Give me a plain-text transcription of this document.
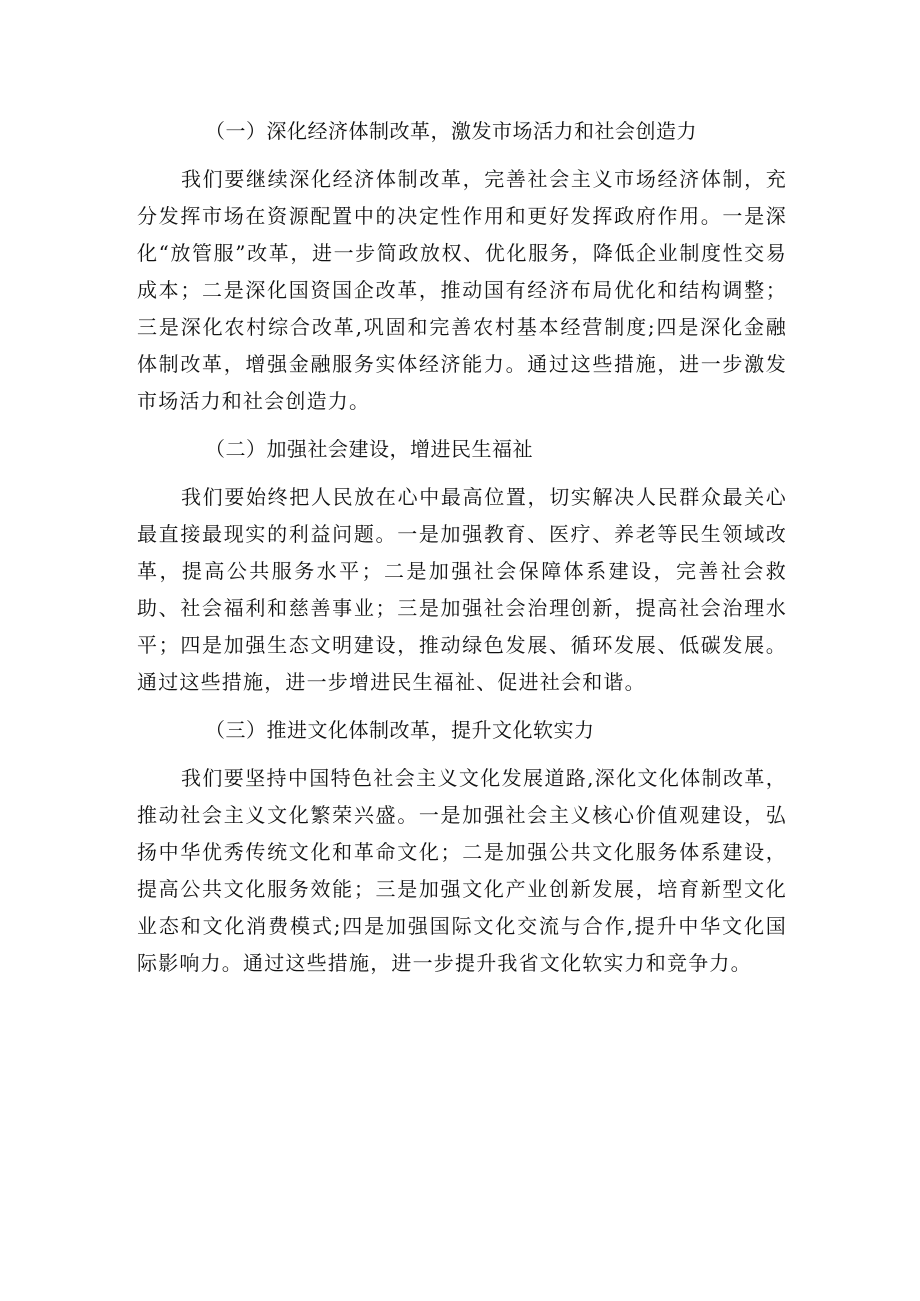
（一）深化经济体制改革，激发市场活力和社会创造力

我们要继续深化经济体制改革，完善社会主义市场经济体制，充分发挥市场在资源配置中的决定性作用和更好发挥政府作用。一是深化“放管服”改革，进一步简政放权、优化服务，降低企业制度性交易成本；二是深化国资国企改革，推动国有经济布局优化和结构调整；三是深化农村综合改革,巩固和完善农村基本经营制度;四是深化金融体制改革，增强金融服务实体经济能力。通过这些措施，进一步激发市场活力和社会创造力。

（二）加强社会建设，增进民生福祉

我们要始终把人民放在心中最高位置，切实解决人民群众最关心最直接最现实的利益问题。一是加强教育、医疗、养老等民生领域改革，提高公共服务水平；二是加强社会保障体系建设，完善社会救助、社会福利和慈善事业；三是加强社会治理创新，提高社会治理水平；四是加强生态文明建设，推动绿色发展、循环发展、低碳发展。通过这些措施，进一步增进民生福祉、促进社会和谐。

（三）推进文化体制改革，提升文化软实力

我们要坚持中国特色社会主义文化发展道路,深化文化体制改革，推动社会主义文化繁荣兴盛。一是加强社会主义核心价值观建设，弘扬中华优秀传统文化和革命文化；二是加强公共文化服务体系建设，提高公共文化服务效能；三是加强文化产业创新发展，培育新型文化业态和文化消费模式;四是加强国际文化交流与合作,提升中华文化国际影响力。通过这些措施，进一步提升我省文化软实力和竞争力。
